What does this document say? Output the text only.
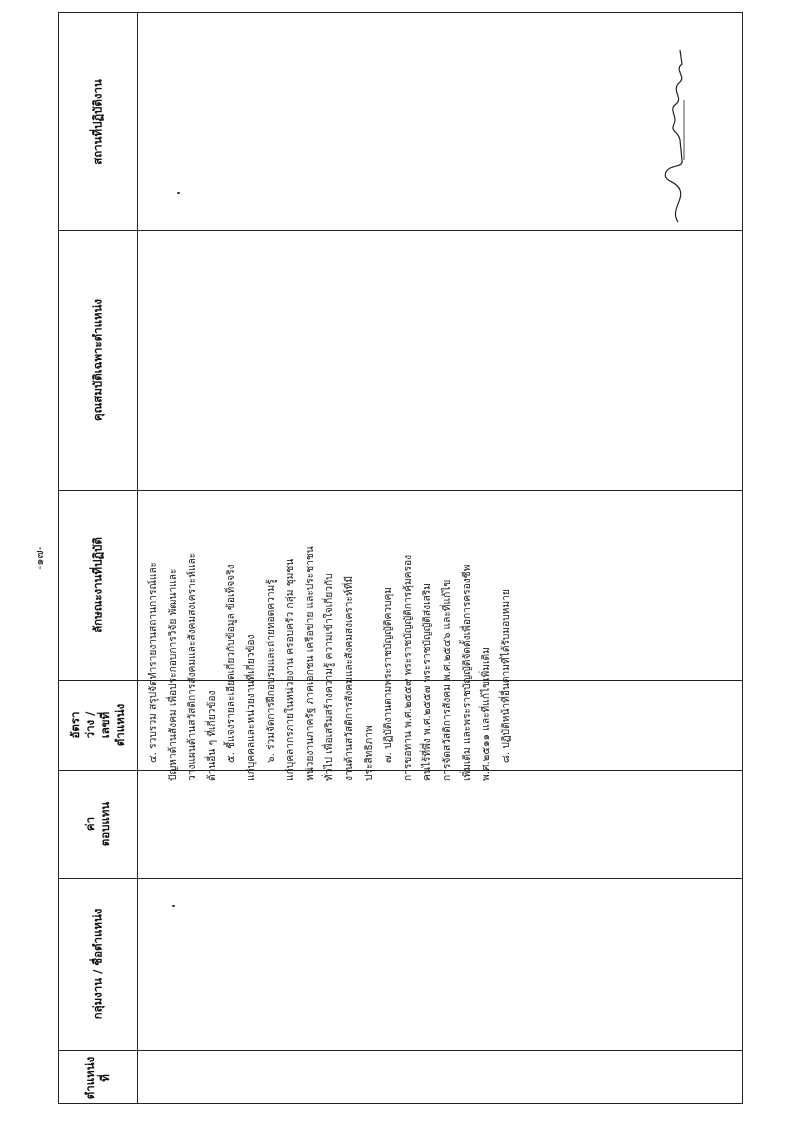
-๑๗-
ตำแหน่ง
ที่
กลุ่มงาน / ชื่อตำแหน่ง
ค่า
ตอบแทน
อัตราว่าง /
เลขที่
ตำแหน่ง
ลักษณะงานที่ปฏิบัติ
คุณสมบัติเฉพาะตำแหน่ง
สถานที่ปฏิบัติงาน
๔. รวบรวม สรุปจัดทำรายงานสถานการณ์และ ปัญหาด้านสังคม เพื่อประกอบการวิจัย พัฒนาและ วางแผนด้านสวัสดิการสังคมและสังคมสงเคราะห์และ ด้านอื่น ๆ ที่เกี่ยวข้อง ๕. ชี้แจงรายละเอียดเกี่ยวกับข้อมูล ข้อเท็จจริง แก่บุคคลและหน่วยงานที่เกี่ยวข้อง ๖. ร่วมจัดการฝึกอบรมและถ่ายทอดความรู้ แก่บุคลากรภายในหน่วยงาน ครอบครัว กลุ่ม ชุมชน หน่วยงานภาครัฐ ภาคเอกชน เครือข่าย และประชาชน ทั่วไป เพื่อเสริมสร้างความรู้ ความเข้าใจเกี่ยวกับ งานด้านสวัสดิการสังคมและสังคมสงเคราะห์ที่มี ประสิทธิภาพ ๗. ปฏิบัติงานตามพระราชบัญญัติควบคุม การขอทาน พ.ศ.๒๕๕๙ พระราชบัญญัติการคุ้มครอง คนไร้ที่พึ่ง พ.ศ.๒๕๕๗ พระราชบัญญัติส่งเสริม การจัดสวัสดิการสังคม พ.ศ.๒๕๔๖ และที่แก้ไข เพิ่มเติม และพระราชบัญญัติจัดตั้งเพื่อการครองชีพ พ.ศ.๒๕๑๑ และที่แก้ไขเพิ่มเติม ๘. ปฏิบัติหน้าที่อื่นตามที่ได้รับมอบหมาย
